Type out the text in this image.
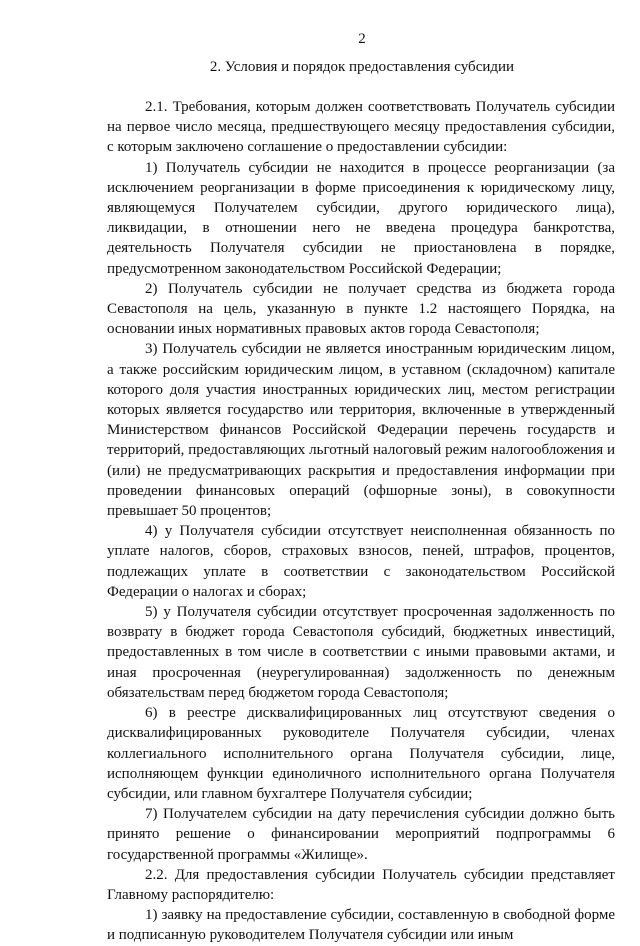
2
2. Условия и порядок предоставления субсидии

2.1. Требования, которым должен соответствовать Получатель субсидии на первое число месяца, предшествующего месяцу предоставления субсидии, с которым заключено соглашение о предоставлении субсидии:

1) Получатель субсидии не находится в процессе реорганизации (за исключением реорганизации в форме присоединения к юридическому лицу, являющемуся Получателем субсидии, другого юридического лица), ликвидации, в отношении него не введена процедура банкротства, деятельность Получателя субсидии не приостановлена в порядке, предусмотренном законодательством Российской Федерации;

2) Получатель субсидии не получает средства из бюджета города Севастополя на цель, указанную в пункте 1.2 настоящего Порядка, на основании иных нормативных правовых актов города Севастополя;

3) Получатель субсидии не является иностранным юридическим лицом, а также российским юридическим лицом, в уставном (складочном) капитале которого доля участия иностранных юридических лиц, местом регистрации которых является государство или территория, включенные в утвержденный Министерством финансов Российской Федерации перечень государств и территорий, предоставляющих льготный налоговый режим налогообложения и (или) не предусматривающих раскрытия и предоставления информации при проведении финансовых операций (офшорные зоны), в совокупности превышает 50 процентов;

4) у Получателя субсидии отсутствует неисполненная обязанность по уплате налогов, сборов, страховых взносов, пеней, штрафов, процентов, подлежащих уплате в соответствии с законодательством Российской Федерации о налогах и сборах;

5) у Получателя субсидии отсутствует просроченная задолженность по возврату в бюджет города Севастополя субсидий, бюджетных инвестиций, предоставленных в том числе в соответствии с иными правовыми актами, и иная просроченная (неурегулированная) задолженность по денежным обязательствам перед бюджетом города Севастополя;

6) в реестре дисквалифицированных лиц отсутствуют сведения о дисквалифицированных руководителе Получателя субсидии, членах коллегиального исполнительного органа Получателя субсидии, лице, исполняющем функции единоличного исполнительного органа Получателя субсидии, или главном бухгалтере Получателя субсидии;

7) Получателем субсидии на дату перечисления субсидии должно быть принято решение о финансировании мероприятий подпрограммы 6 государственной программы «Жилище».

2.2. Для предоставления субсидии Получатель субсидии представляет Главному распорядителю:

1) заявку на предоставление субсидии, составленную в свободной форме и подписанную руководителем Получателя субсидии или иным
